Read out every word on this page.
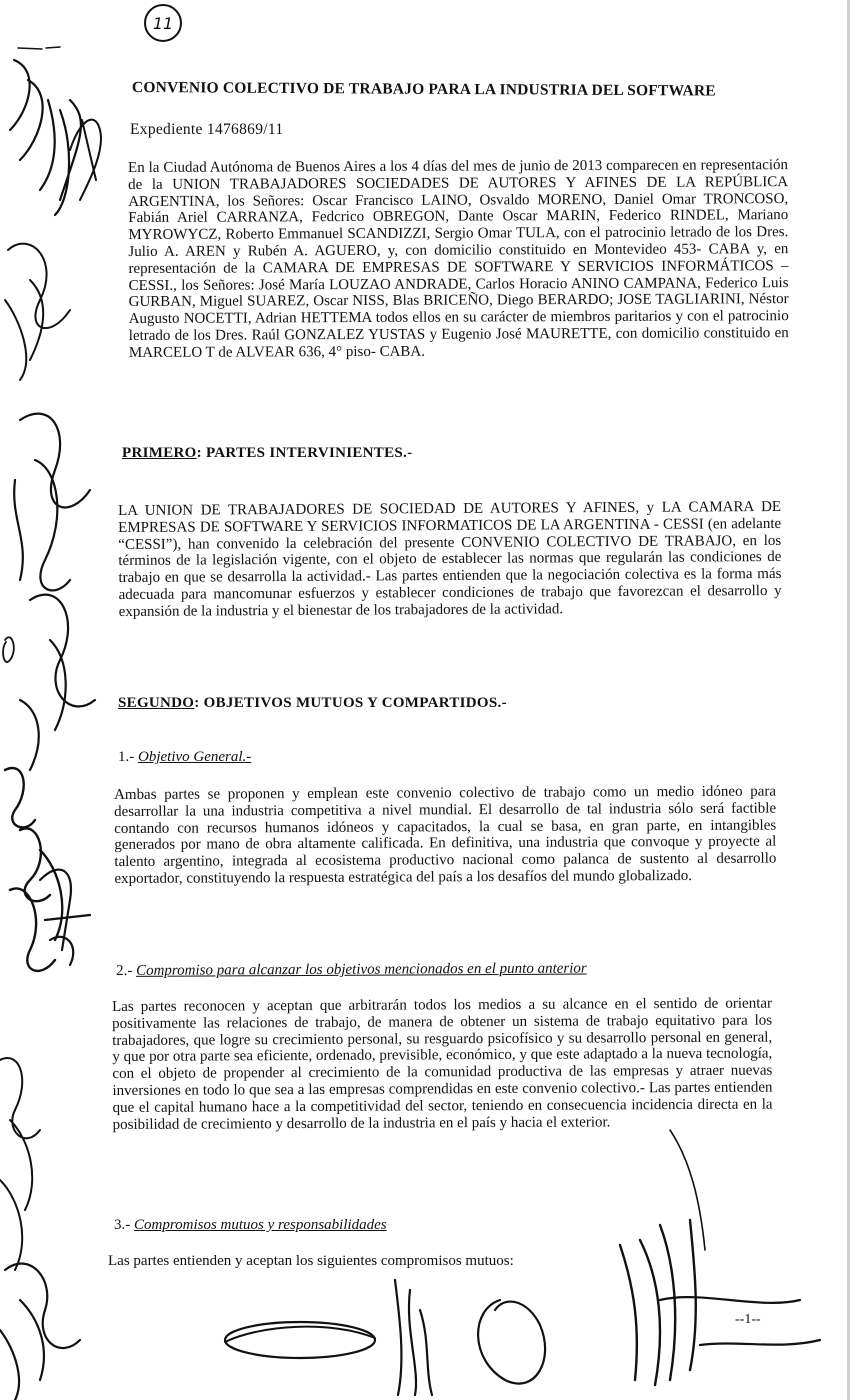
11
CONVENIO COLECTIVO DE TRABAJO PARA LA INDUSTRIA DEL SOFTWARE
Expediente 1476869/11
En la Ciudad Autónoma de Buenos Aires a los 4 días del mes de junio de 2013 comparecen en representación de la UNION TRABAJADORES SOCIEDADES DE AUTORES Y AFINES DE LA REPÚBLICA ARGENTINA, los Señores: Oscar Francisco LAINO, Osvaldo MORENO, Daniel Omar TRONCOSO, Fabián Ariel CARRANZA, Fedcrico OBREGON, Dante Oscar MARIN, Federico RINDEL, Mariano MYROWYCZ, Roberto Emmanuel SCANDIZZI, Sergio Omar TULA, con el patrocinio letrado de los Dres. Julio A. AREN y Rubén A. AGUERO, y, con domicilio constituido en Montevideo 453- CABA y, en representación de la CAMARA DE EMPRESAS DE SOFTWARE Y SERVICIOS INFORMÁTICOS – CESSI., los Señores: José María LOUZAO ANDRADE, Carlos Horacio ANINO CAMPANA, Federico Luis GURBAN, Miguel SUAREZ, Oscar NISS, Blas BRICEÑO, Diego BERARDO; JOSE TAGLIARINI, Néstor Augusto NOCETTI, Adrian HETTEMA todos ellos en su carácter de miembros paritarios y con el patrocinio letrado de los Dres. Raúl GONZALEZ YUSTAS y Eugenio José MAURETTE, con domicilio constituido en MARCELO T de ALVEAR 636, 4° piso- CABA.
PRIMERO: PARTES INTERVINIENTES.-
LA UNION DE TRABAJADORES DE SOCIEDAD DE AUTORES Y AFINES, y LA CAMARA DE EMPRESAS DE SOFTWARE Y SERVICIOS INFORMATICOS DE LA ARGENTINA - CESSI (en adelante “CESSI”), han convenido la celebración del presente CONVENIO COLECTIVO DE TRABAJO, en los términos de la legislación vigente, con el objeto de establecer las normas que regularán las condiciones de trabajo en que se desarrolla la actividad.- Las partes entienden que la negociación colectiva es la forma más adecuada para mancomunar esfuerzos y establecer condiciones de trabajo que favorezcan el desarrollo y expansión de la industria y el bienestar de los trabajadores de la actividad.
SEGUNDO: OBJETIVOS MUTUOS Y COMPARTIDOS.-
1.- Objetivo General.-
Ambas partes se proponen y emplean este convenio colectivo de trabajo como un medio idóneo para desarrollar la una industria competitiva a nivel mundial. El desarrollo de tal industria sólo será factible contando con recursos humanos idóneos y capacitados, la cual se basa, en gran parte, en intangibles generados por mano de obra altamente calificada. En definitiva, una industria que convoque y proyecte al talento argentino, integrada al ecosistema productivo nacional como palanca de sustento al desarrollo exportador, constituyendo la respuesta estratégica del país a los desafíos del mundo globalizado.
2.- Compromiso para alcanzar los objetivos mencionados en el punto anterior
Las partes reconocen y aceptan que arbitrarán todos los medios a su alcance en el sentido de orientar positivamente las relaciones de trabajo, de manera de obtener un sistema de trabajo equitativo para los trabajadores, que logre su crecimiento personal, su resguardo psicofísico y su desarrollo personal en general, y que por otra parte sea eficiente, ordenado, previsible, económico, y que este adaptado a la nueva tecnología, con el objeto de propender al crecimiento de la comunidad productiva de las empresas y atraer nuevas inversiones en todo lo que sea a las empresas comprendidas en este convenio colectivo.- Las partes entienden que el capital humano hace a la competitividad del sector, teniendo en consecuencia incidencia directa en la posibilidad de crecimiento y desarrollo de la industria en el país y hacia el exterior.
3.- Compromisos mutuos y responsabilidades
Las partes entienden y aceptan los siguientes compromisos mutuos:
--1--
